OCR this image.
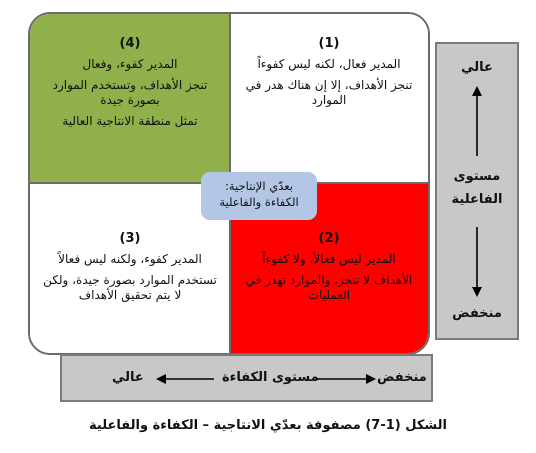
(4)

المدير كفوء، وفعال

تنجز الأهداف، وتستخدم الموارد بصورة جيدة

تمثل منطقة الانتاجية العالية

(1)

المدير فعال، لكنه ليس كفوءاً

تنجز الأهداف، إلا إن هناك هدر في الموارد

(3)

المدير كفوء، ولكنه ليس فعالاً

تستخدم الموارد بصورة جيدة، ولكن لا يتم تحقيق الأهداف

(2)

المدير ليس فعالاً، ولا كفوءاً

الأهداف لا تنجز، والموارد تهدر في العمليات

بعدّي الإنتاجية:
الكفاءة والفاعلية
عالي
مستوى
الفاعلية
منخفض
عالي	مستوى الكفاءة	منخفض
الشكل (1-7) مصفوفة بعدّي الانتاجية – الكفاءة والفاعلية
